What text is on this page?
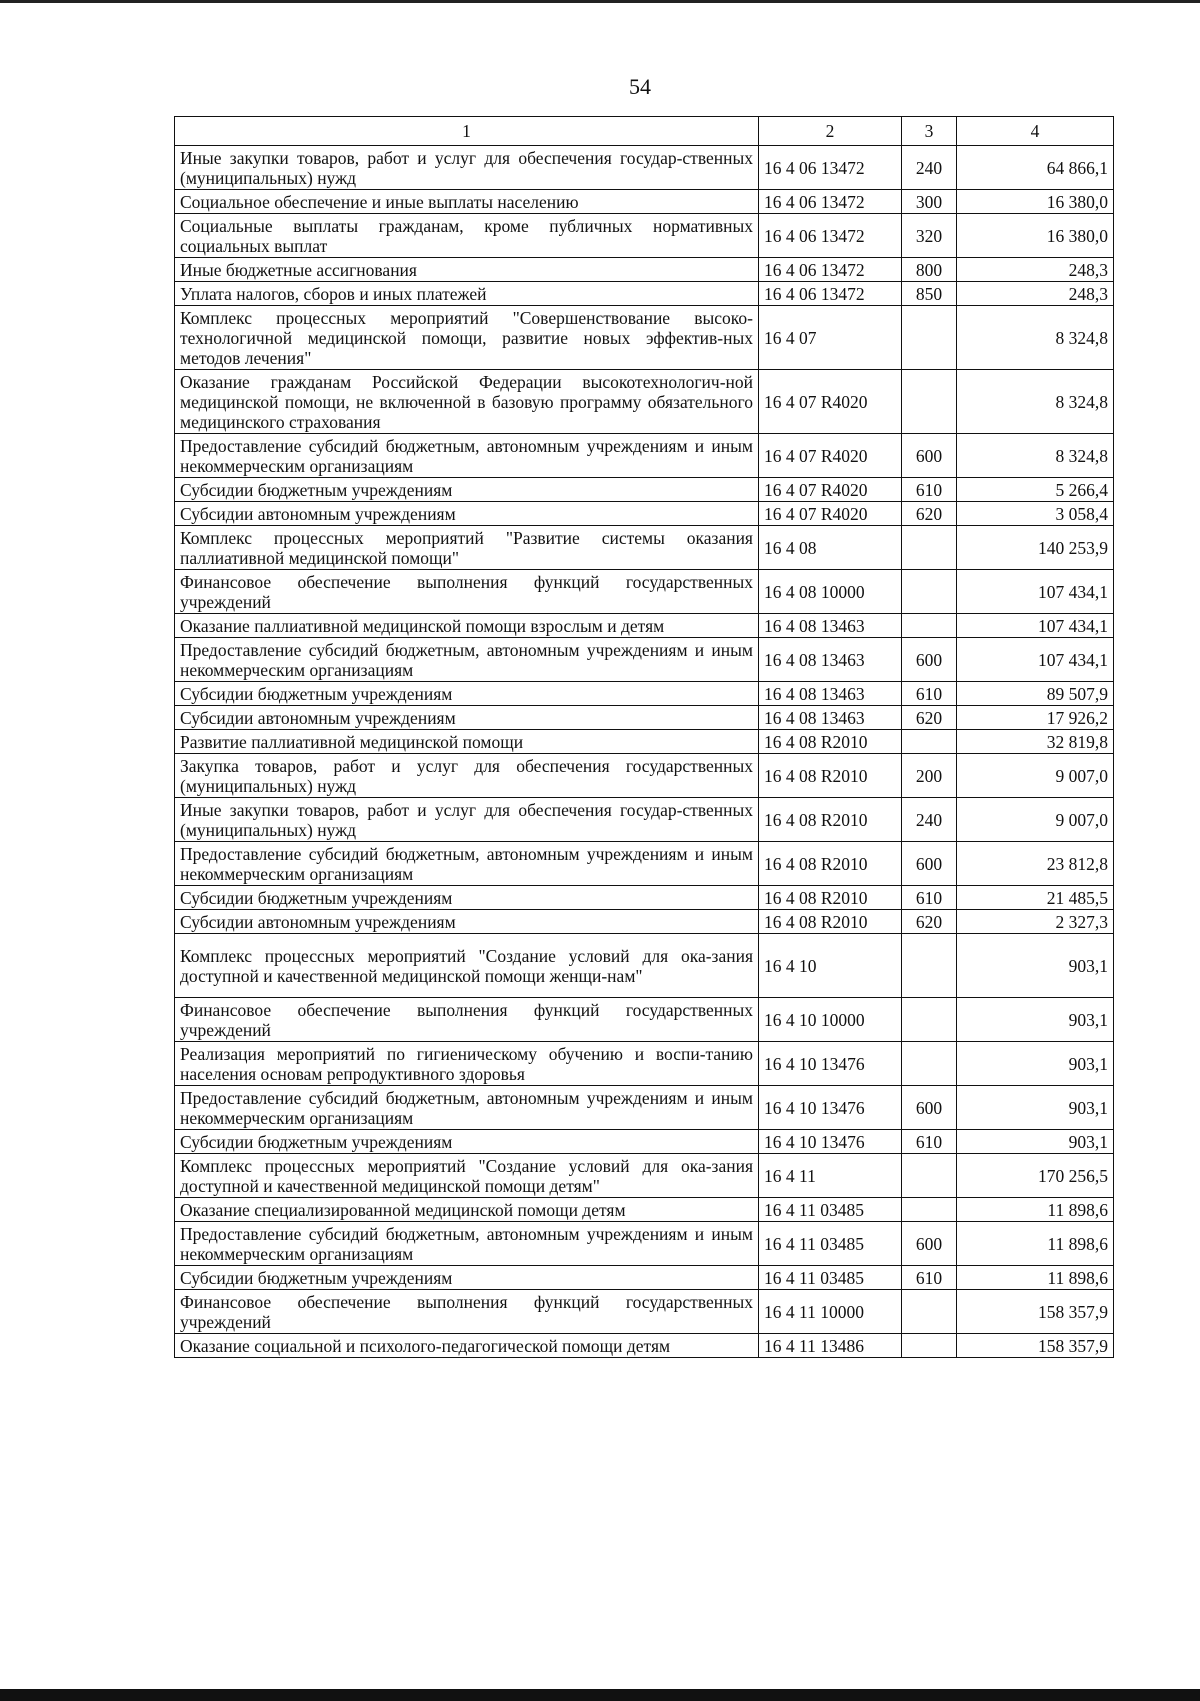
54
1	2	3	4
Иные закупки товаров, работ и услуг для обеспечения государ-ственных (муниципальных) нужд	16 4 06 13472	240	64 866,1
Социальное обеспечение и иные выплаты населению	16 4 06 13472	300	16 380,0
Социальные выплаты гражданам, кроме публичных нормативных социальных выплат	16 4 06 13472	320	16 380,0
Иные бюджетные ассигнования	16 4 06 13472	800	248,3
Уплата налогов, сборов и иных платежей	16 4 06 13472	850	248,3
Комплекс процессных мероприятий "Совершенствование высоко-технологичной медицинской помощи, развитие новых эффектив-ных методов лечения"	16 4 07		8 324,8
Оказание гражданам Российской Федерации высокотехнологич-ной медицинской помощи, не включенной в базовую программу обязательного медицинского страхования	16 4 07 R4020		8 324,8
Предоставление субсидий бюджетным, автономным учреждениям и иным некоммерческим организациям	16 4 07 R4020	600	8 324,8
Субсидии бюджетным учреждениям	16 4 07 R4020	610	5 266,4
Субсидии автономным учреждениям	16 4 07 R4020	620	3 058,4
Комплекс процессных мероприятий "Развитие системы оказания паллиативной медицинской помощи"	16 4 08		140 253,9
Финансовое обеспечение выполнения функций государственных учреждений	16 4 08 10000		107 434,1
Оказание паллиативной медицинской помощи взрослым и детям	16 4 08 13463		107 434,1
Предоставление субсидий бюджетным, автономным учреждениям и иным некоммерческим организациям	16 4 08 13463	600	107 434,1
Субсидии бюджетным учреждениям	16 4 08 13463	610	89 507,9
Субсидии автономным учреждениям	16 4 08 13463	620	17 926,2
Развитие паллиативной медицинской помощи	16 4 08 R2010		32 819,8
Закупка товаров, работ и услуг для обеспечения государственных (муниципальных) нужд	16 4 08 R2010	200	9 007,0
Иные закупки товаров, работ и услуг для обеспечения государ-ственных (муниципальных) нужд	16 4 08 R2010	240	9 007,0
Предоставление субсидий бюджетным, автономным учреждениям и иным некоммерческим организациям	16 4 08 R2010	600	23 812,8
Субсидии бюджетным учреждениям	16 4 08 R2010	610	21 485,5
Субсидии автономным учреждениям	16 4 08 R2010	620	2 327,3
Комплекс процессных мероприятий "Создание условий для ока-зания доступной и качественной медицинской помощи женщи-нам"	16 4 10		903,1
Финансовое обеспечение выполнения функций государственных учреждений	16 4 10 10000		903,1
Реализация мероприятий по гигиеническому обучению и воспи-танию населения основам репродуктивного здоровья	16 4 10 13476		903,1
Предоставление субсидий бюджетным, автономным учреждениям и иным некоммерческим организациям	16 4 10 13476	600	903,1
Субсидии бюджетным учреждениям	16 4 10 13476	610	903,1
Комплекс процессных мероприятий "Создание условий для ока-зания доступной и качественной медицинской помощи детям"	16 4 11		170 256,5
Оказание специализированной медицинской помощи детям	16 4 11 03485		11 898,6
Предоставление субсидий бюджетным, автономным учреждениям и иным некоммерческим организациям	16 4 11 03485	600	11 898,6
Субсидии бюджетным учреждениям	16 4 11 03485	610	11 898,6
Финансовое обеспечение выполнения функций государственных учреждений	16 4 11 10000		158 357,9
Оказание социальной и психолого-педагогической помощи детям	16 4 11 13486		158 357,9
